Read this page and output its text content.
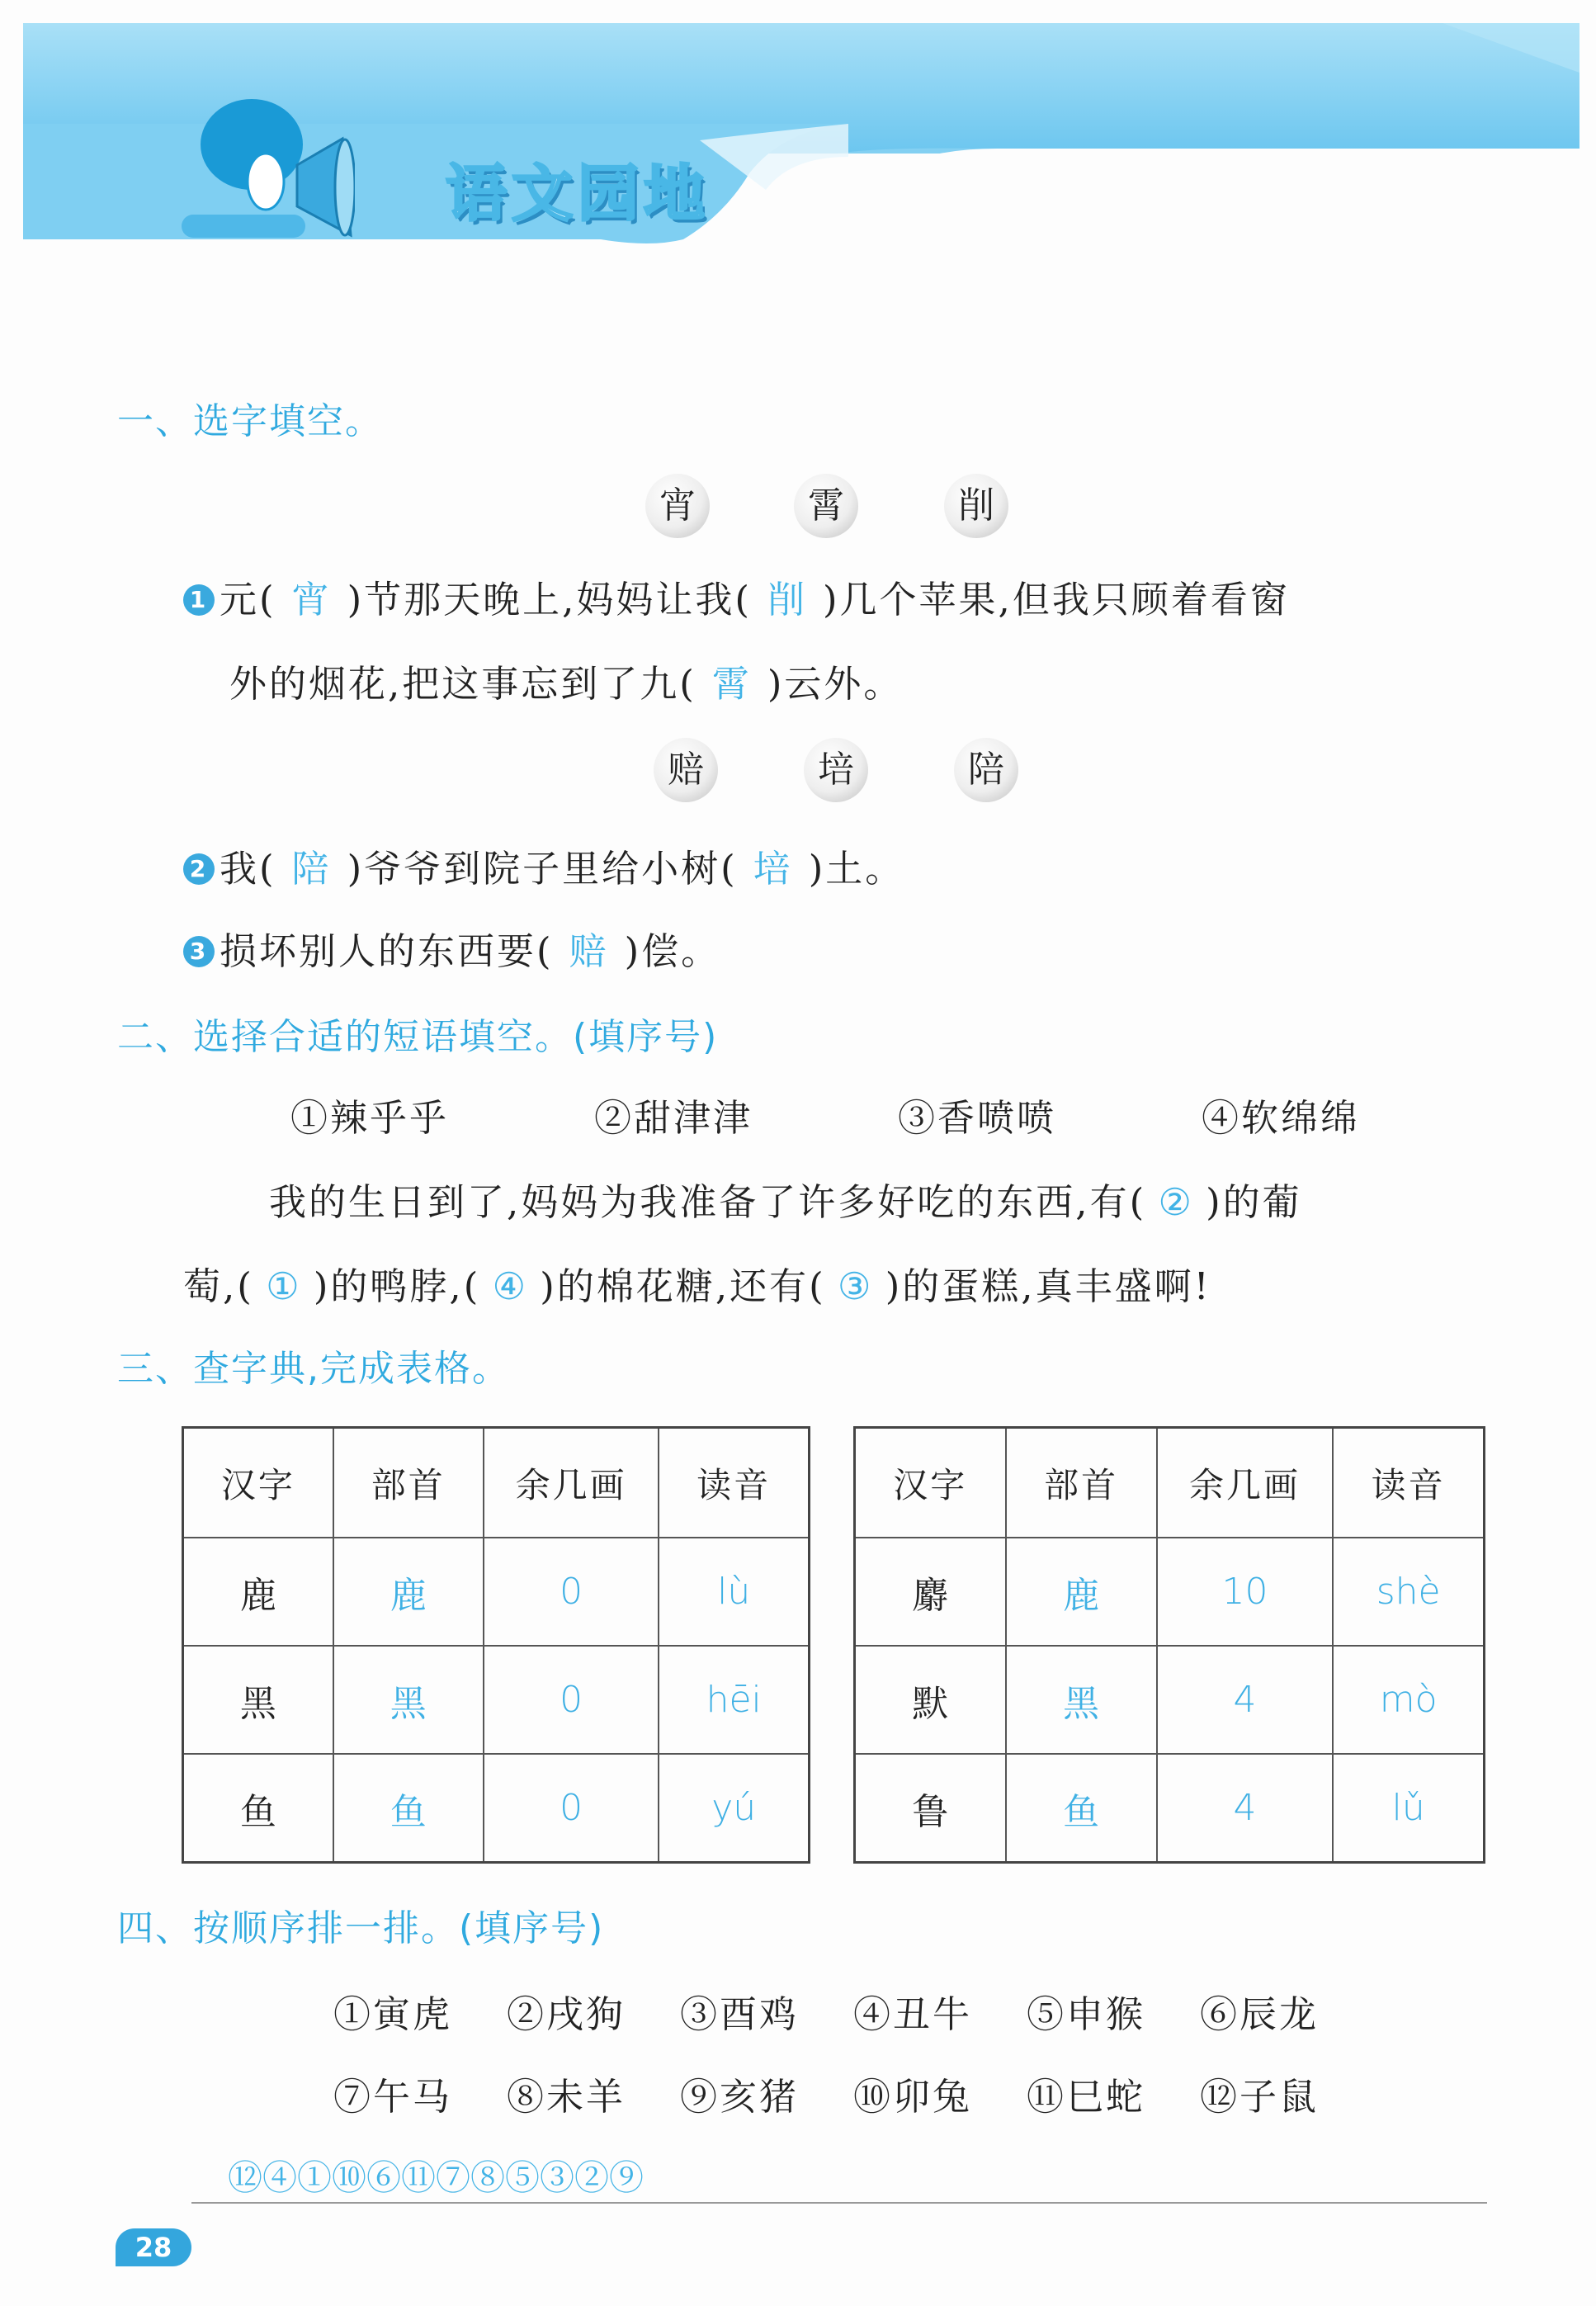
语文园地
一、选字填空。
宵	霄	削
1 元( 宵 )节那天晚上,妈妈让我( 削 )几个苹果,但我只顾着看窗
外的烟花,把这事忘到了九( 霄 )云外。
赔	培	陪
2 我( 陪 )爷爷到院子里给小树( 培 )土。
3 损坏别人的东西要( 赔 )偿。
二、选择合适的短语填空。(填序号)
①辣乎乎	②甜津津	③香喷喷	④软绵绵
我的生日到了,妈妈为我准备了许多好吃的东西,有( ② )的葡
萄,( ① )的鸭脖,( ④ )的棉花糖,还有( ③ )的蛋糕,真丰盛啊!
三、查字典,完成表格。
汉字	部首	余几画	读音
鹿	鹿	0	lù
黑	黑	0	hēi
鱼	鱼	0	yú
汉字	部首	余几画	读音
麝	鹿	10	shè
默	黑	4	mò
鲁	鱼	4	lǔ
四、按顺序排一排。(填序号)
①寅虎 ②戌狗 ③酉鸡 ④丑牛 ⑤申猴 ⑥辰龙
⑦午马 ⑧未羊 ⑨亥猪 ⑩卯兔 ⑪巳蛇 ⑫子鼠
⑫④①⑩⑥⑪⑦⑧⑤③②⑨
28
